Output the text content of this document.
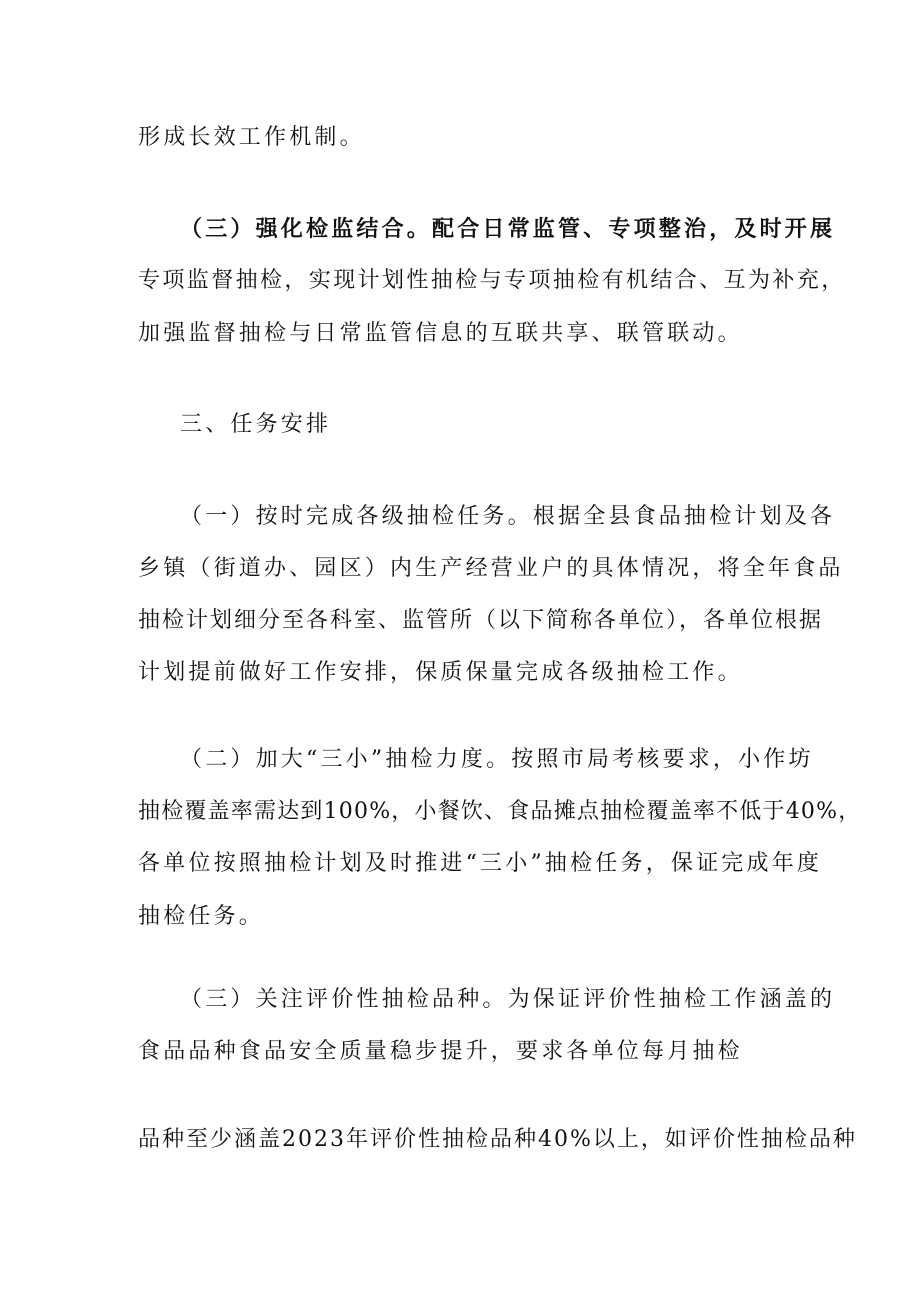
形成长效工作机制。
（三）强化检监结合。配合日常监管、专项整治，及时开展
专项监督抽检，实现计划性抽检与专项抽检有机结合、互为补充，
加强监督抽检与日常监管信息的互联共享、联管联动。
三、任务安排
（一）按时完成各级抽检任务。根据全县食品抽检计划及各
乡镇（街道办、园区）内生产经营业户的具体情况，将全年食品
抽检计划细分至各科室、监管所（以下简称各单位），各单位根据
计划提前做好工作安排，保质保量完成各级抽检工作。
（二）加大“三小”抽检力度。按照市局考核要求，小作坊
抽检覆盖率需达到100%，小餐饮、食品摊点抽检覆盖率不低于40%，
各单位按照抽检计划及时推进“三小”抽检任务，保证完成年度
抽检任务。
（三）关注评价性抽检品种。为保证评价性抽检工作涵盖的
食品品种食品安全质量稳步提升，要求各单位每月抽检
品种至少涵盖2023年评价性抽检品种40%以上，如评价性抽检品种
